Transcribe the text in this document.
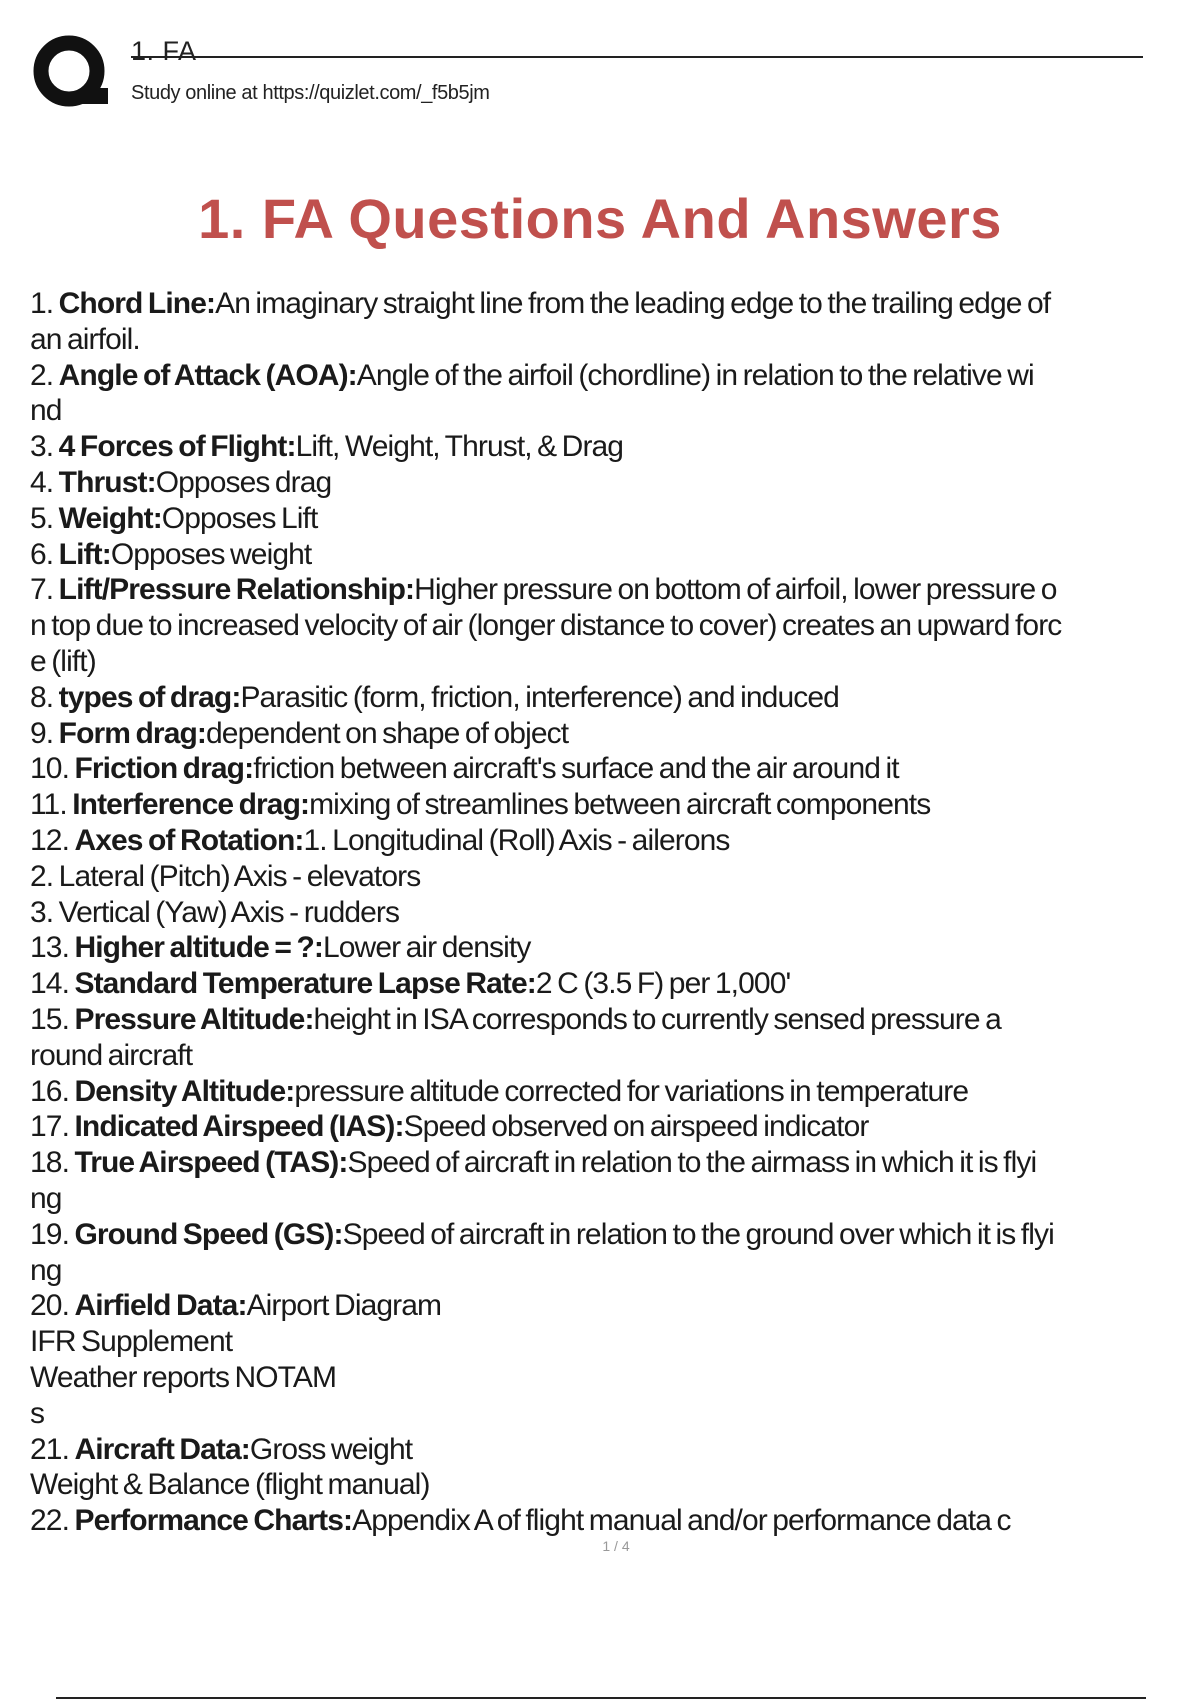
1. FA
Study online at https://quizlet.com/_f5b5jm
1. FA Questions And Answers
1. Chord Line:An imaginary straight line from the leading edge to the trailing edge of
an airfoil.
2. Angle of Attack (AOA):Angle of the airfoil (chordline) in relation to the relative wi
nd
3. 4 Forces of Flight:Lift, Weight, Thrust, & Drag
4. Thrust:Opposes drag
5. Weight:Opposes Lift
6. Lift:Opposes weight
7. Lift/Pressure Relationship:Higher pressure on bottom of airfoil, lower pressure o
n top due to increased velocity of air (longer distance to cover) creates an upward forc
e (lift)
8. types of drag:Parasitic (form, friction, interference) and induced
9. Form drag:dependent on shape of object
10. Friction drag:friction between aircraft's surface and the air around it
11. Interference drag:mixing of streamlines between aircraft components
12. Axes of Rotation:1. Longitudinal (Roll) Axis - ailerons
2. Lateral (Pitch) Axis - elevators
3. Vertical (Yaw) Axis - rudders
13. Higher altitude = ?:Lower air density
14. Standard Temperature Lapse Rate:2 C (3.5 F) per 1,000'
15. Pressure Altitude:height in ISA corresponds to currently sensed pressure a
round aircraft
16. Density Altitude:pressure altitude corrected for variations in temperature
17. Indicated Airspeed (IAS):Speed observed on airspeed indicator
18. True Airspeed (TAS):Speed of aircraft in relation to the airmass in which it is flyi
ng
19. Ground Speed (GS):Speed of aircraft in relation to the ground over which it is flyi
ng
20. Airfield Data:Airport Diagram
IFR Supplement
Weather reports NOTAM
s
21. Aircraft Data:Gross weight
Weight & Balance (flight manual)
22. Performance Charts:Appendix A of flight manual and/or performance data c
1 / 4
